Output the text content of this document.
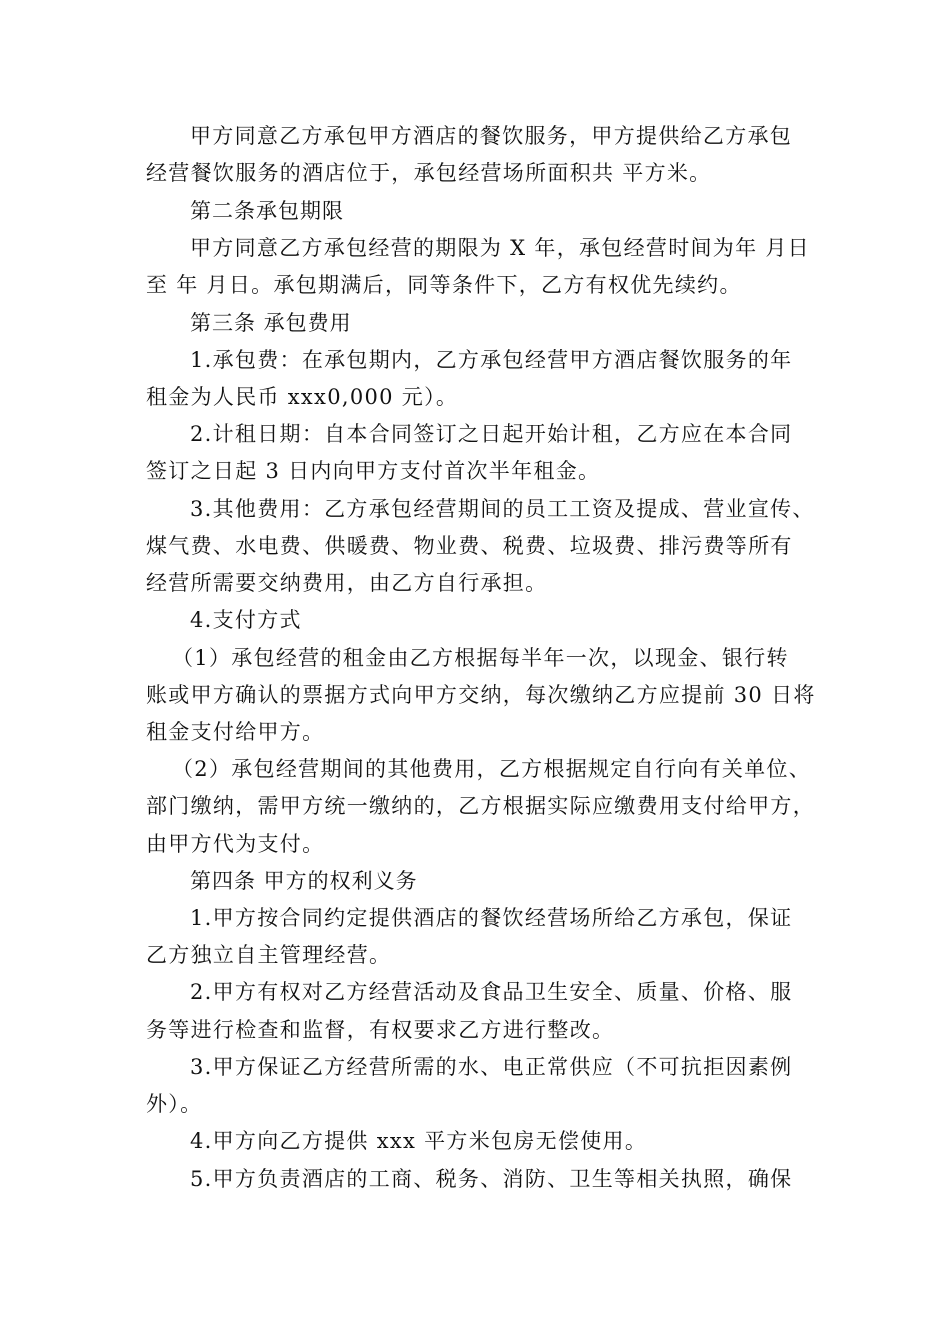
甲方同意乙方承包甲方酒店的餐饮服务，甲方提供给乙方承包
经营餐饮服务的酒店位于，承包经营场所面积共 平方米。
第二条承包期限
甲方同意乙方承包经营的期限为 X 年，承包经营时间为年 月日
至 年 月日。承包期满后，同等条件下，乙方有权优先续约。
第三条 承包费用
1.承包费：在承包期内，乙方承包经营甲方酒店餐饮服务的年
租金为人民币 xxx0,000 元）。
2.计租日期：自本合同签订之日起开始计租，乙方应在本合同
签订之日起 3 日内向甲方支付首次半年租金。
3.其他费用：乙方承包经营期间的员工工资及提成、营业宣传、
煤气费、水电费、供暖费、物业费、税费、垃圾费、排污费等所有
经营所需要交纳费用，由乙方自行承担。
4.支付方式
（1）承包经营的租金由乙方根据每半年一次，以现金、银行转
账或甲方确认的票据方式向甲方交纳，每次缴纳乙方应提前 30 日将
租金支付给甲方。
（2）承包经营期间的其他费用，乙方根据规定自行向有关单位、
部门缴纳，需甲方统一缴纳的，乙方根据实际应缴费用支付给甲方，
由甲方代为支付。
第四条 甲方的权利义务
1.甲方按合同约定提供酒店的餐饮经营场所给乙方承包，保证
乙方独立自主管理经营。
2.甲方有权对乙方经营活动及食品卫生安全、质量、价格、服
务等进行检查和监督，有权要求乙方进行整改。
3.甲方保证乙方经营所需的水、电正常供应（不可抗拒因素例
外）。
4.甲方向乙方提供 xxx 平方米包房无偿使用。
5.甲方负责酒店的工商、税务、消防、卫生等相关执照，确保
